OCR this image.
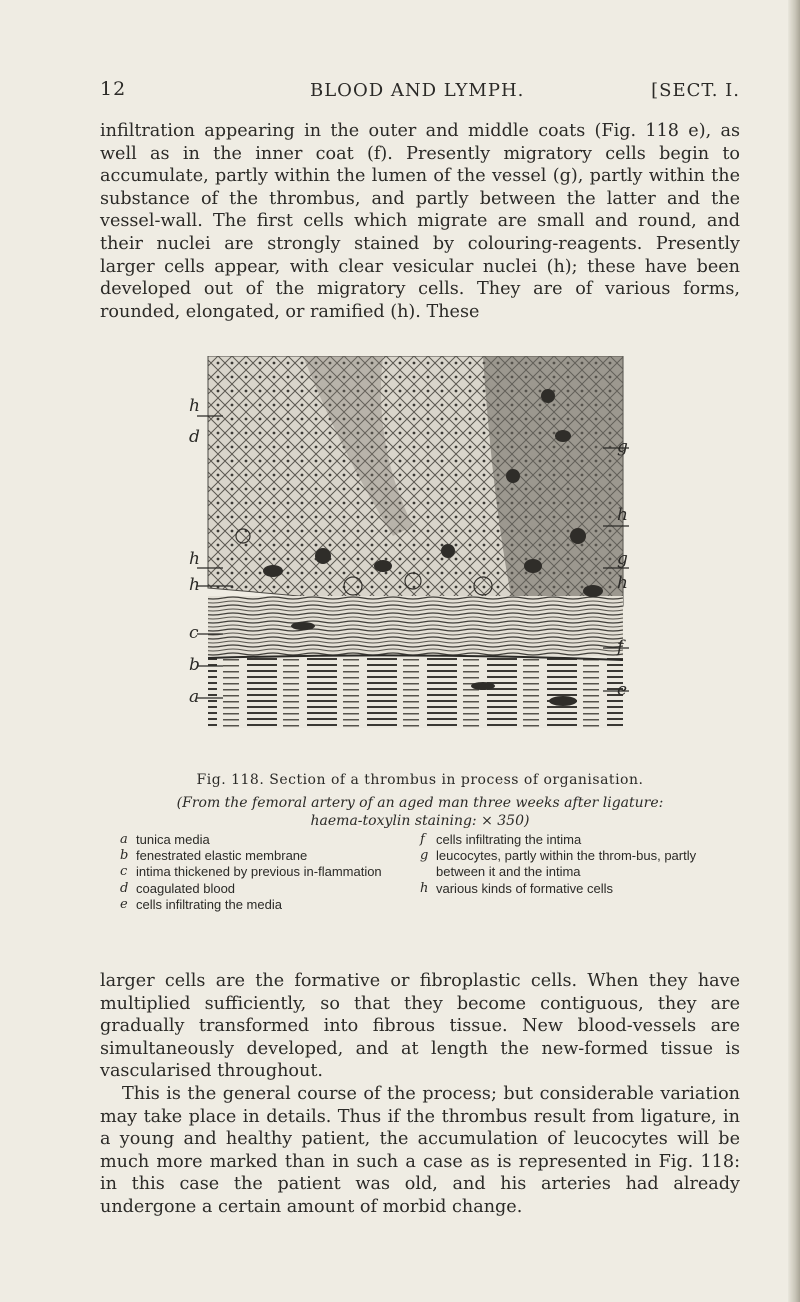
12	BLOOD AND LYMPH.	[SECT. I.

infiltration appearing in the outer and middle coats (Fig. 118 e), as well as in the inner coat (f). Presently migratory cells begin to accumulate, partly within the lumen of the vessel (g), partly within the substance of the thrombus, and partly between the latter and the vessel-wall. The first cells which migrate are small and round, and their nuclei are strongly stained by colouring-reagents. Presently larger cells appear, with clear vesicular nuclei (h); these have been developed out of the migratory cells. They are of various forms, rounded, elongated, or ramified (h). These

h
d
h
h
c
b
a
g
h
g
h
f
e
Fig. 118. Section of a thrombus in process of organisation.
(From the femoral artery of an aged man three weeks after ligature: haema-toxylin staining: × 350)
a tunica media
b fenestrated elastic membrane
c intima thickened by previous in-flammation
d coagulated blood
e cells infiltrating the media
f cells infiltrating the intima
g leucocytes, partly within the throm-bus, partly between it and the intima
h various kinds of formative cells

larger cells are the formative or fibroplastic cells. When they have multiplied sufficiently, so that they become contiguous, they are gradually transformed into fibrous tissue. New blood-vessels are simultaneously developed, and at length the new-formed tissue is vascularised throughout.

This is the general course of the process; but considerable variation may take place in details. Thus if the thrombus result from ligature, in a young and healthy patient, the accumulation of leucocytes will be much more marked than in such a case as is represented in Fig. 118: in this case the patient was old, and his arteries had already undergone a certain amount of morbid change.
